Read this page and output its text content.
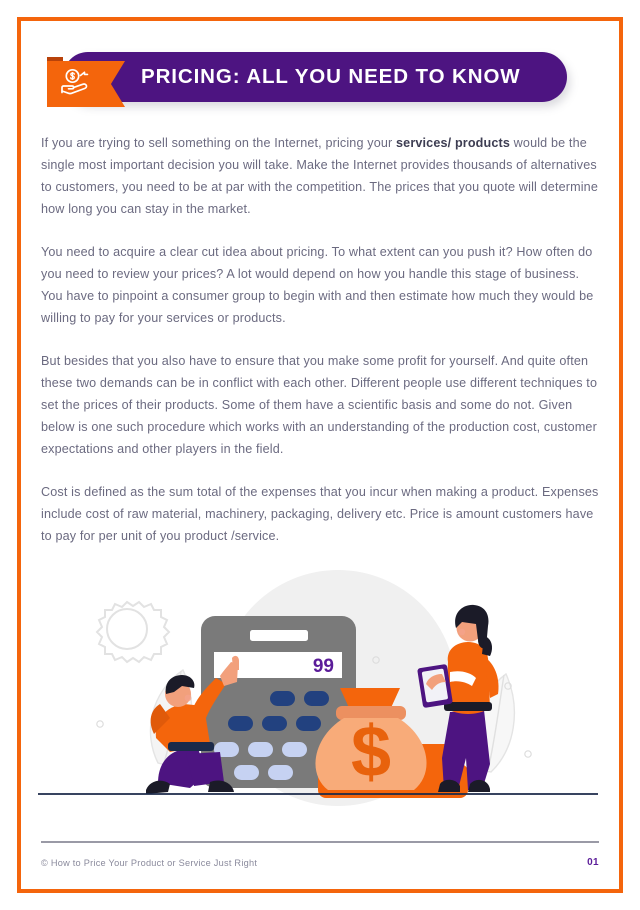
PRICING: ALL YOU NEED TO KNOW

If you are trying to sell something on the Internet, pricing your services/ products would be the single most important decision you will take. Make the Internet provides thousands of alternatives to customers, you need to be at par with the competition. The prices that you quote will determine how long you can stay in the market.

You need to acquire a clear cut idea about pricing. To what extent can you push it? How often do you need to review your prices? A lot would depend on how you handle this stage of business. You have to pinpoint a consumer group to begin with and then estimate how much they would be willing to pay for your services or products.

But besides that you also have to ensure that you make some profit for yourself. And quite often these two demands can be in conflict with each other. Different people use different techniques to set the prices of their products. Some of them have a scientific basis and some do not. Given below is one such procedure which works with an understanding of the production cost, customer expectations and other players in the field.

Cost is defined as the sum total of the expenses that you incur when making a product. Expenses include cost of raw material, machinery, packaging, delivery etc. Price is amount customers have to pay for per unit of you product /service.

99
$
© How to Price Your Product or Service Just Right	01
